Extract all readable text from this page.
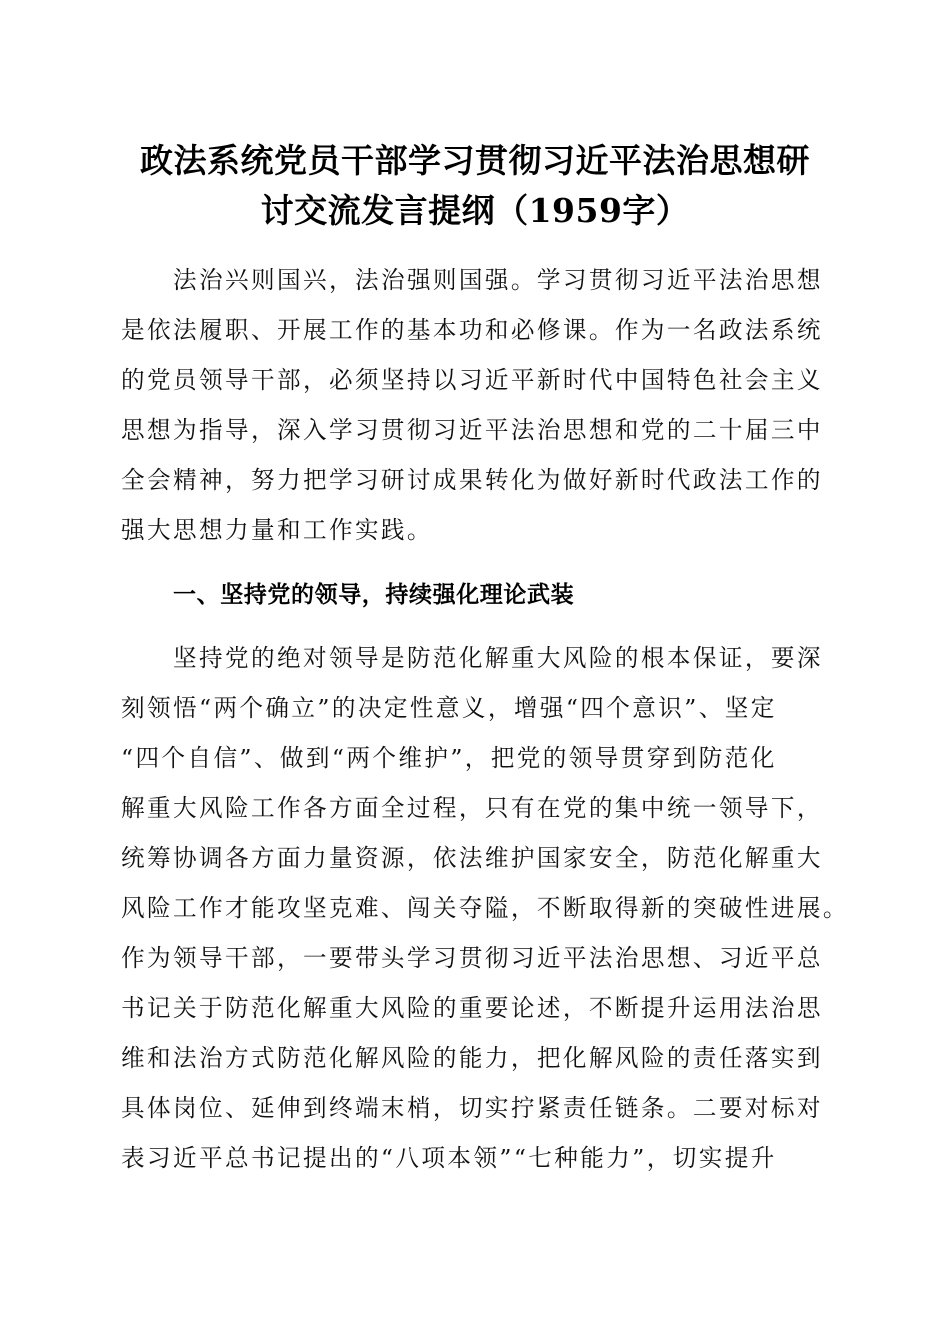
政法系统党员干部学习贯彻习近平法治思想研
讨交流发言提纲（1959字）
法治兴则国兴，法治强则国强。学习贯彻习近平法治思想
是依法履职、开展工作的基本功和必修课。作为一名政法系统
的党员领导干部，必须坚持以习近平新时代中国特色社会主义
思想为指导，深入学习贯彻习近平法治思想和党的二十届三中
全会精神，努力把学习研讨成果转化为做好新时代政法工作的
强大思想力量和工作实践。
一、坚持党的领导，持续强化理论武装
坚持党的绝对领导是防范化解重大风险的根本保证，要深
刻领悟“两个确立”的决定性意义，增强“四个意识”、坚定
“四个自信”、做到“两个维护”，把党的领导贯穿到防范化
解重大风险工作各方面全过程，只有在党的集中统一领导下，
统筹协调各方面力量资源，依法维护国家安全，防范化解重大
风险工作才能攻坚克难、闯关夺隘，不断取得新的突破性进展。
作为领导干部，一要带头学习贯彻习近平法治思想、习近平总
书记关于防范化解重大风险的重要论述，不断提升运用法治思
维和法治方式防范化解风险的能力，把化解风险的责任落实到
具体岗位、延伸到终端末梢，切实拧紧责任链条。二要对标对
表习近平总书记提出的“八项本领”“七种能力”，切实提升
